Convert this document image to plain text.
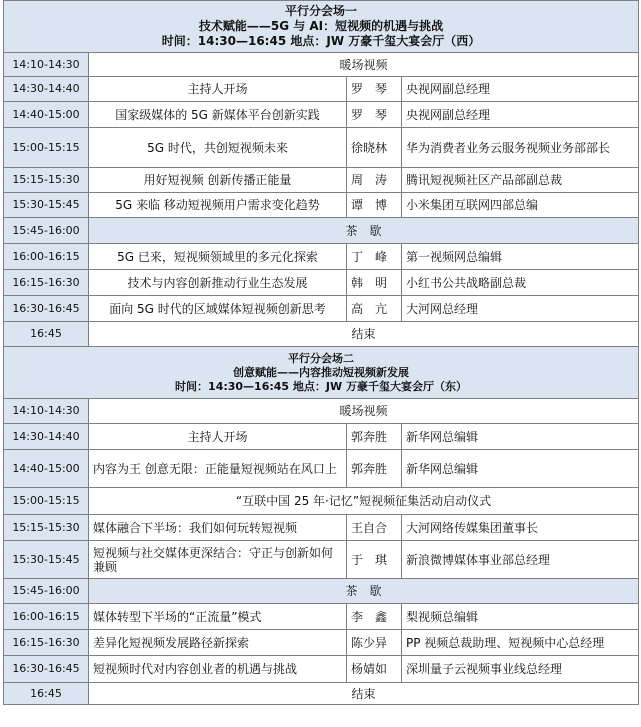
平行分会场一
技术赋能——5G 与 AI：短视频的机遇与挑战
时间：14:30—16:45 地点：JW 万豪千玺大宴会厅（西）			

14:10-14:30	暖场视频		
14:30-14:40	主持人开场	罗　琴	央视网副总经理
14:40-15:00	国家级媒体的 5G 新媒体平台创新实践	罗　琴	央视网副总经理
15:00-15:15	5G 时代，共创短视频未来	徐晓林	华为消费者业务云服务视频业务部部长
15:15-15:30	用好短视频 创新传播正能量	周　涛	腾讯短视频社区产品部副总裁
15:30-15:45	5G 来临 移动短视频用户需求变化趋势	谭　博	小米集团互联网四部总编
15:45-16:00	茶　歇		
16:00-16:15	5G 已来，短视频领域里的多元化探索	丁　峰	第一视频网总编辑
16:15-16:30	技术与内容创新推动行业生态发展	韩　明	小红书公共战略副总裁
16:30-16:45	面向 5G 时代的区域媒体短视频创新思考	高　亢	大河网总经理
16:45	结束		

平行分会场二
创意赋能——内容推动短视频新发展
时间：14:30—16:45 地点：JW 万豪千玺大宴会厅（东）			

14:10-14:30	暖场视频		
14:30-14:40	主持人开场	郭奔胜	新华网总编辑
14:40-15:00	内容为王 创意无限：正能量短视频站在风口上	郭奔胜	新华网总编辑
15:00-15:15	“互联中国 25 年·记忆”短视频征集活动启动仪式		
15:15-15:30	媒体融合下半场：我们如何玩转短视频	王自合	大河网络传媒集团董事长
15:30-15:45	短视频与社交媒体更深结合：守正与创新如何兼顾	于　琪	新浪微博媒体事业部总经理
15:45-16:00	茶　歇		
16:00-16:15	媒体转型下半场的“正流量”模式	李　鑫	梨视频总编辑
16:15-16:30	差异化短视频发展路径新探索	陈少异	PP 视频总裁助理、短视频中心总经理
16:30-16:45	短视频时代对内容创业者的机遇与挑战	杨婧如	深圳量子云视频事业线总经理
16:45	结束		
